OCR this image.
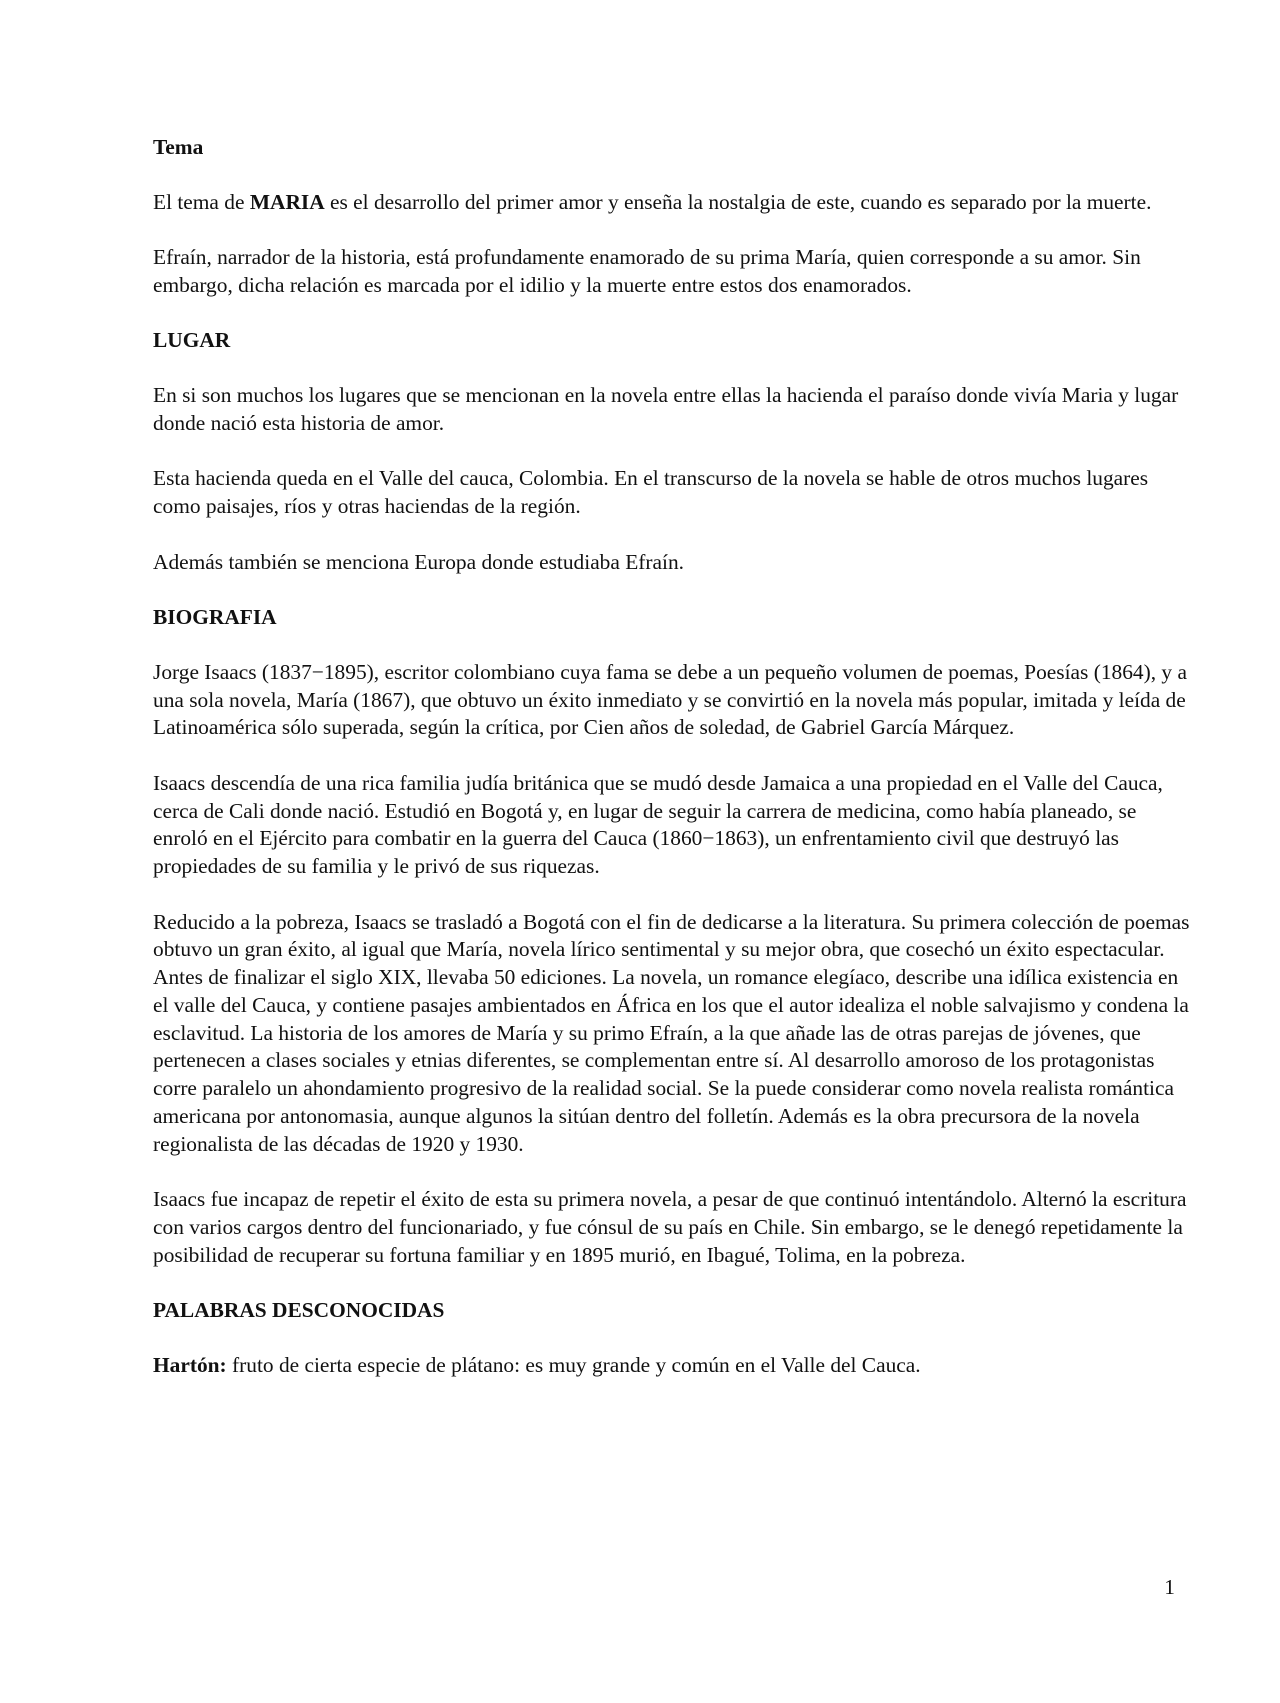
Tema
El tema de MARIA es el desarrollo del primer amor y enseña la nostalgia de este, cuando es separado por la muerte.
Efraín, narrador de la historia, está profundamente enamorado de su prima María, quien corresponde a su amor. Sin embargo, dicha relación es marcada por el idilio y la muerte entre estos dos enamorados.
LUGAR
En si son muchos los lugares que se mencionan en la novela entre ellas la hacienda el paraíso donde vivía Maria y lugar donde nació esta historia de amor.
Esta hacienda queda en el Valle del cauca, Colombia. En el transcurso de la novela se hable de otros muchos lugares como paisajes, ríos y otras haciendas de la región.
Además también se menciona Europa donde estudiaba Efraín.
BIOGRAFIA
Jorge Isaacs (1837−1895), escritor colombiano cuya fama se debe a un pequeño volumen de poemas, Poesías (1864), y a una sola novela, María (1867), que obtuvo un éxito inmediato y se convirtió en la novela más popular, imitada y leída de Latinoamérica sólo superada, según la crítica, por Cien años de soledad, de Gabriel García Márquez.
Isaacs descendía de una rica familia judía británica que se mudó desde Jamaica a una propiedad en el Valle del Cauca, cerca de Cali donde nació. Estudió en Bogotá y, en lugar de seguir la carrera de medicina, como había planeado, se enroló en el Ejército para combatir en la guerra del Cauca (1860−1863), un enfrentamiento civil que destruyó las propiedades de su familia y le privó de sus riquezas.
Reducido a la pobreza, Isaacs se trasladó a Bogotá con el fin de dedicarse a la literatura. Su primera colección de poemas obtuvo un gran éxito, al igual que María, novela lírico sentimental y su mejor obra, que cosechó un éxito espectacular. Antes de finalizar el siglo XIX, llevaba 50 ediciones. La novela, un romance elegíaco, describe una idílica existencia en el valle del Cauca, y contiene pasajes ambientados en África en los que el autor idealiza el noble salvajismo y condena la esclavitud. La historia de los amores de María y su primo Efraín, a la que añade las de otras parejas de jóvenes, que pertenecen a clases sociales y etnias diferentes, se complementan entre sí. Al desarrollo amoroso de los protagonistas corre paralelo un ahondamiento progresivo de la realidad social. Se la puede considerar como novela realista romántica americana por antonomasia, aunque algunos la sitúan dentro del folletín. Además es la obra precursora de la novela regionalista de las décadas de 1920 y 1930.
Isaacs fue incapaz de repetir el éxito de esta su primera novela, a pesar de que continuó intentándolo. Alternó la escritura con varios cargos dentro del funcionariado, y fue cónsul de su país en Chile. Sin embargo, se le denegó repetidamente la posibilidad de recuperar su fortuna familiar y en 1895 murió, en Ibagué, Tolima, en la pobreza.
PALABRAS DESCONOCIDAS
Hartón: fruto de cierta especie de plátano: es muy grande y común en el Valle del Cauca.
1
